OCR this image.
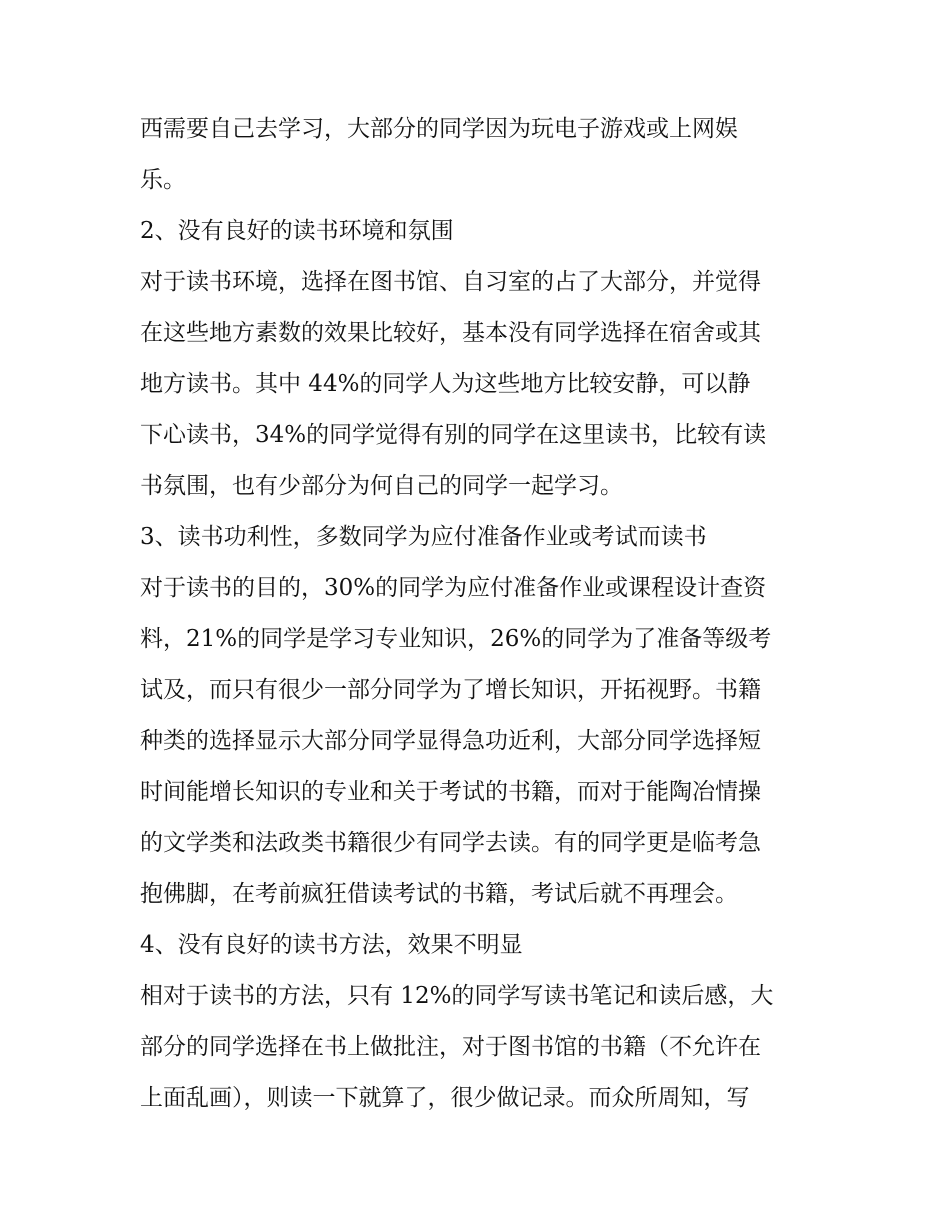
西需要自己去学习，大部分的同学因为玩电子游戏或上网娱
乐。
2、没有良好的读书环境和氛围
对于读书环境，选择在图书馆、自习室的占了大部分，并觉得
在这些地方素数的效果比较好，基本没有同学选择在宿舍或其
地方读书。其中 44%的同学人为这些地方比较安静，可以静
下心读书，34%的同学觉得有别的同学在这里读书，比较有读
书氛围，也有少部分为何自己的同学一起学习。
3、读书功利性，多数同学为应付准备作业或考试而读书
对于读书的目的，30%的同学为应付准备作业或课程设计查资
料，21%的同学是学习专业知识，26%的同学为了准备等级考
试及，而只有很少一部分同学为了增长知识，开拓视野。书籍
种类的选择显示大部分同学显得急功近利，大部分同学选择短
时间能增长知识的专业和关于考试的书籍，而对于能陶冶情操
的文学类和法政类书籍很少有同学去读。有的同学更是临考急
抱佛脚，在考前疯狂借读考试的书籍，考试后就不再理会。
4、没有良好的读书方法，效果不明显
相对于读书的方法，只有 12%的同学写读书笔记和读后感，大
部分的同学选择在书上做批注，对于图书馆的书籍（不允许在
上面乱画），则读一下就算了，很少做记录。而众所周知，写
